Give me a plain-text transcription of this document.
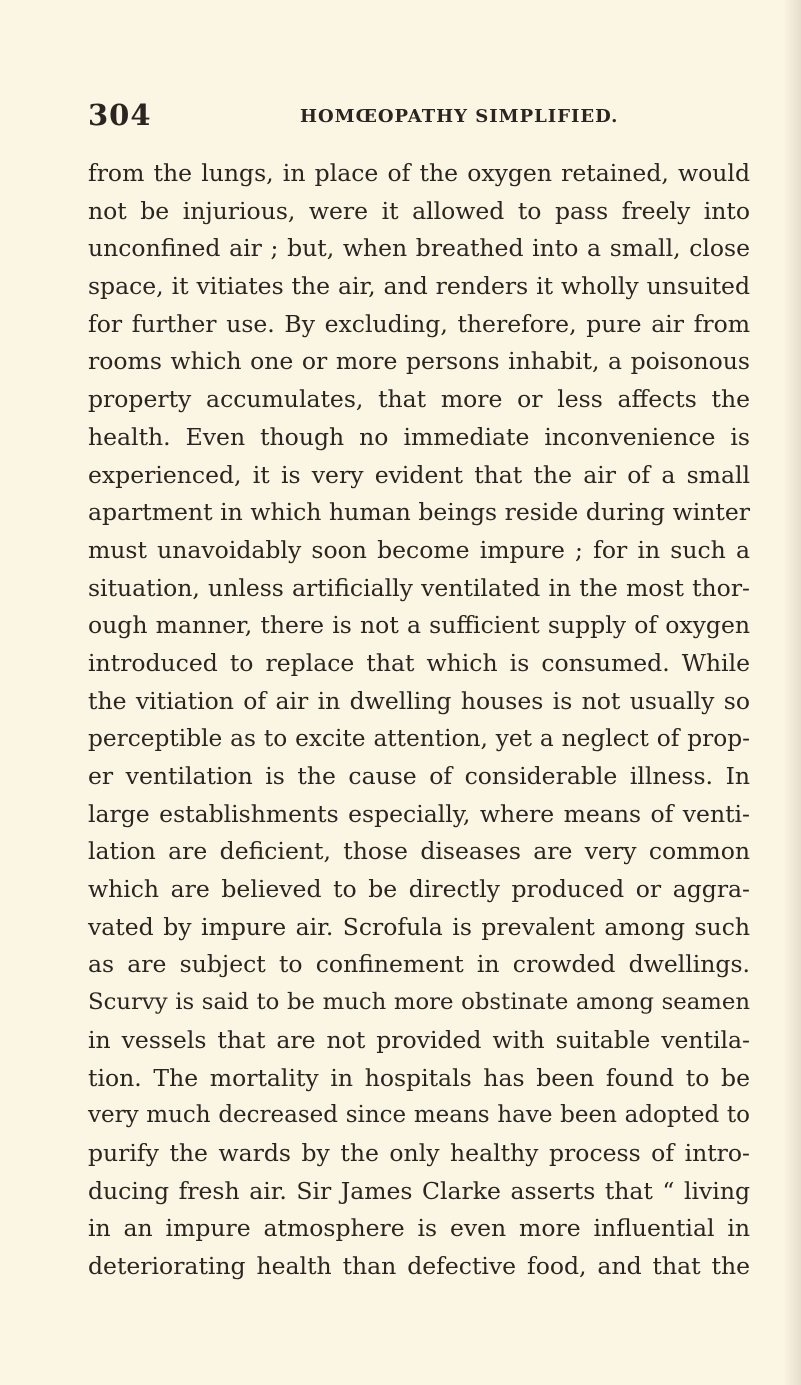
304	HOMŒOPATHY SIMPLIFIED.
from the lungs, in place of the oxygen retained, would
not be injurious, were it allowed to pass freely into
unconfined air ; but, when breathed into a small, close
space, it vitiates the air, and renders it wholly unsuited
for further use. By excluding, therefore, pure air from
rooms which one or more persons inhabit, a poisonous
property accumulates, that more or less affects the
health. Even though no immediate inconvenience is
experienced, it is very evident that the air of a small
apartment in which human beings reside during winter
must unavoidably soon become impure ; for in such a
situation, unless artificially ventilated in the most thor-
ough manner, there is not a sufficient supply of oxygen
introduced to replace that which is consumed. While
the vitiation of air in dwelling houses is not usually so
perceptible as to excite attention, yet a neglect of prop-
er ventilation is the cause of considerable illness. In
large establishments especially, where means of venti-
lation are deficient, those diseases are very common
which are believed to be directly produced or aggra-
vated by impure air. Scrofula is prevalent among such
as are subject to confinement in crowded dwellings.
Scurvy is said to be much more obstinate among seamen
in vessels that are not provided with suitable ventila-
tion. The mortality in hospitals has been found to be
very much decreased since means have been adopted to
purify the wards by the only healthy process of intro-
ducing fresh air. Sir James Clarke asserts that “ living
in an impure atmosphere is even more influential in
deteriorating health than defective food, and that the
